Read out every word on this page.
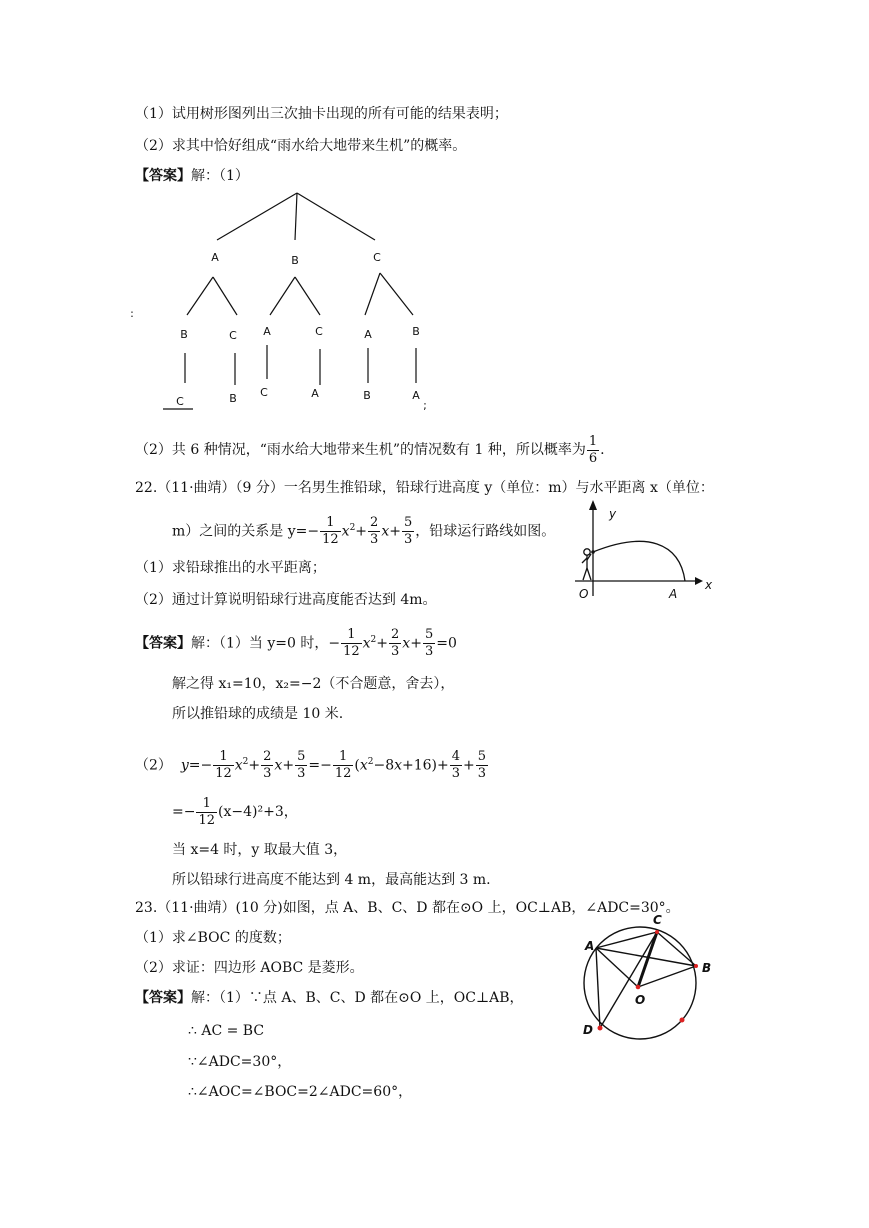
（1）试用树形图列出三次抽卡出现的所有可能的结果表明；
（2）求其中恰好组成“雨水给大地带来生机”的概率。
【答案】解：（1）
A	B	C
B	C A	C	A	B
C	B C	A	B	A
:
;
（2）共 6 种情况，“雨水给大地带来生机”的情况数有 1 种，所以概率为 $\frac{1}{6}$ .
22.（11·曲靖）（9 分）一名男生推铅球，铅球行进高度 y（单位：m）与水平距离 x（单位：
m）之间的关系是 $y=- \frac{1}{12} x^2+ \frac{2}{3} x+ \frac{5}{3}$ ，铅球运行路线如图。
（1）求铅球推出的水平距离；
（2）通过计算说明铅球行进高度能否达到 4m。
y
x
O	A
【答案】解：（1）当 y=0 时，− $\frac{1}{12} x^2+ \frac{2}{3} x+ \frac{5}{3} =0$
解之得 x₁=10，x₂=−2（不合题意，舍去），
所以推铅球的成绩是 10 米.
（2） $y=- \frac{1}{12} x^2+ \frac{2}{3} x+ \frac{5}{3} =- \frac{1}{12} (x^2-8x+16)+ \frac{4}{3} + \frac{5}{3}$
=− $\frac{1}{12} (x-4)^2+3$，
当 x=4 时，y 取最大值 3，
所以铅球行进高度不能达到 4 m，最高能达到 3 m.
23.（11·曲靖）(10 分)如图，点 A、B、C、D 都在⊙O 上，OC⊥AB，∠ADC=30°。
（1）求∠BOC 的度数；
（2）求证：四边形 AOBC 是菱形。
A
C
B
O
D
【答案】解：（1）∵点 A、B、C、D 都在⊙O 上，OC⊥AB，
∴ AC = BC
∵∠ADC=30°，
∴∠AOC=∠BOC=2∠ADC=60°，
